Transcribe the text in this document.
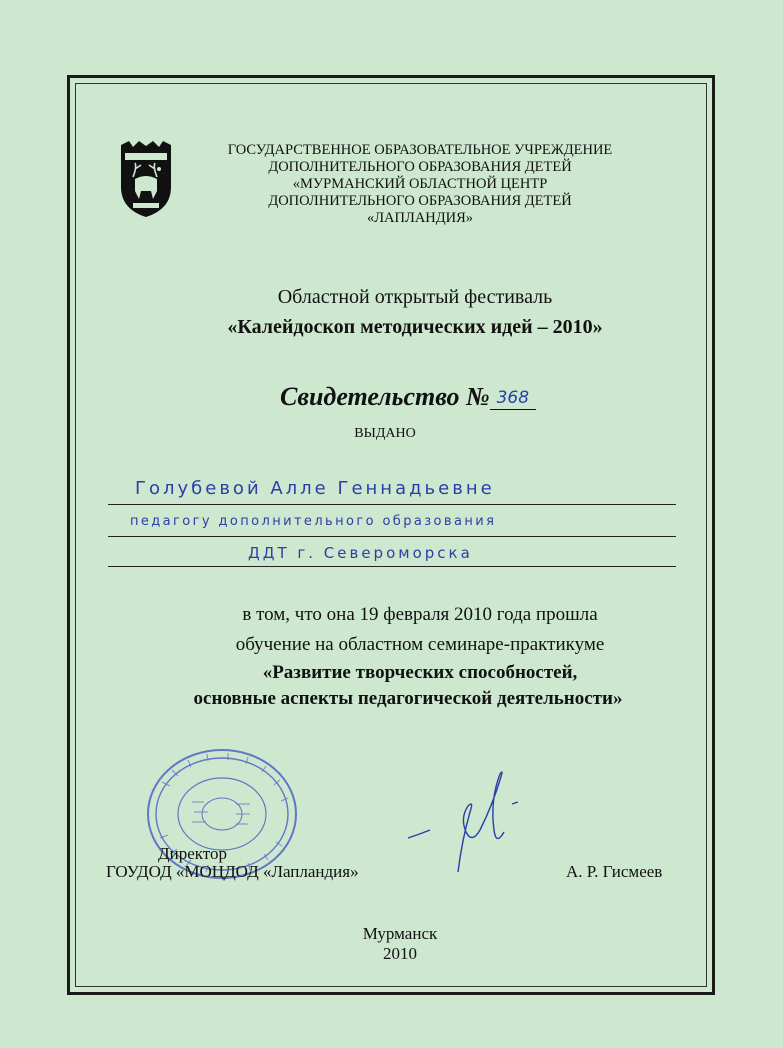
ГОСУДАРСТВЕННОЕ ОБРАЗОВАТЕЛЬНОЕ УЧРЕЖДЕНИЕ
ДОПОЛНИТЕЛЬНОГО ОБРАЗОВАНИЯ ДЕТЕЙ
«МУРМАНСКИЙ ОБЛАСТНОЙ ЦЕНТР
ДОПОЛНИТЕЛЬНОГО ОБРАЗОВАНИЯ ДЕТЕЙ
«ЛАПЛАНДИЯ»
Областной открытый фестиваль
«Калейдоскоп методических идей – 2010»
Свидетельство № 368
ВЫДАНО
Голубевой Алле Геннадьевне
педагогу дополнительного образования
ДДТ г. Североморска
в том, что она 19 февраля 2010 года прошла
обучение на областном семинаре-практикуме
«Развитие творческих способностей,
основные аспекты педагогической деятельности»
Директор
ГОУДОД «МОЦДОД «Лапландия»	А. Р. Гисмеев
Мурманск
2010
